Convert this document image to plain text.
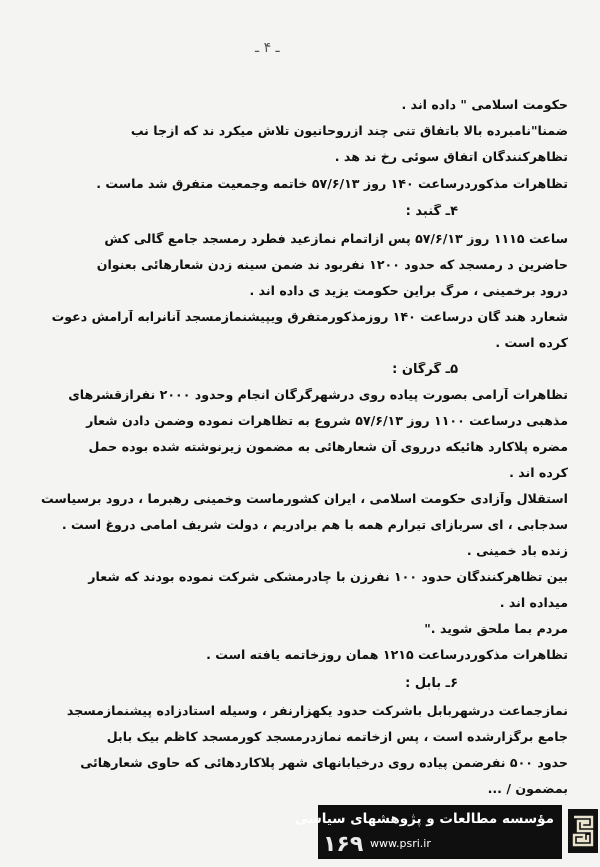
ـ ۴ ـ
حکومت اسلامی " داده اند .
ضمنا"نامبرده بالا باتفاق تنی چند ازروحانیون تلاش میکرد ند که ازجا نب
تظاهرکنندگان اتفاق سوئی رخ ند هد .
تظاهرات مذکوردرساعت ۱۴۰ روز ۵۷/۶/۱۳ خاتمه وجمعیت متفرق شد ماست .
۴ـ گنبد :
ساعت ۱۱۱۵ روز ۵۷/۶/۱۳ پس ازاتمام نمازعید فطرد رمسجد جامع گالی کش
حاضرین د رمسجد که حدود ۱۲۰۰ نفربود ند ضمن سینه زدن شعارهائی بعنوان
درود برخمینی ، مرگ براین حکومت یزید ی داده اند .
شعارد هند گان درساعت ۱۴۰ روزمذکورمتفرق ویپیشنمازمسجد آنانرابه آرامش دعوت
کرده است .
۵ـ گرگان :
تظاهرات آرامی بصورت پیاده روی درشهرگرگان انجام وحدود ۲۰۰۰ نفرازقشرهای
مذهبی درساعت ۱۱۰۰ روز ۵۷/۶/۱۳ شروع به تظاهرات نموده وضمن دادن شعار
مضره پلاکارد هائیکه درروی آن شعارهائی به مضمون زیرنوشته شده بوده حمل
کرده اند .
استقلال وآزادی حکومت اسلامی ، ایران کشورماست وخمینی رهبرما ، درود برسیاست
سدجابی ، ای سربازای تیرارم همه با هم برادریم ، دولت شریف امامی دروغ است .
زنده باد خمینی .
بین تظاهرکنندگان حدود ۱۰۰ نفرزن با چادرمشکی شرکت نموده بودند که شعار
میداده اند .
مردم بما ملحق شوید ."
تظاهرات مذکوردرساعت ۱۲۱۵ همان روزخاتمه یافته است .
۶ـ بابل :
نمازجماعت درشهربابل باشرکت حدود یکهزارنفر ، وسیله استادزاده پیشنمازمسجد
جامع برگزارشده است ، پس ازخاتمه نمازدرمسجد کورمسجد کاظم بیک بابل
حدود ۵۰۰ نفرضمن پیاده روی درخیابانهای شهر پلاکاردهائی که حاوی شعارهائی
بمضمون / ...
مؤسسه مطالعات و پژوهشهای سیاسی
www.psri.ir
۱۶۹
